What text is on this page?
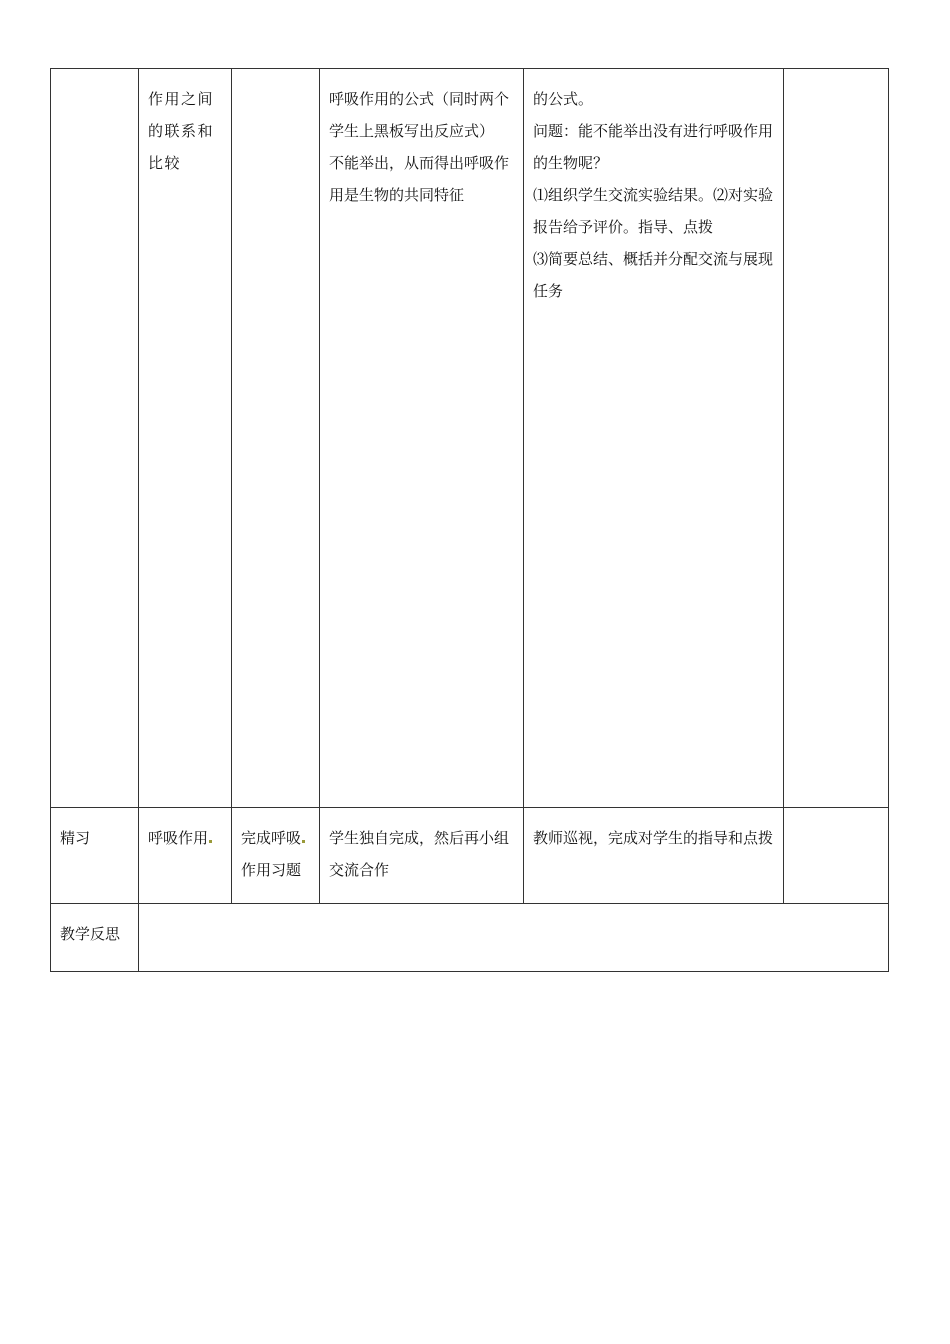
	作用之间
的联系和
比较		呼吸作用的公式（同时两个学生上黑板写出反应式）
不能举出，从而得出呼吸作用是生物的共同特征	的公式。
问题：能不能举出没有进行呼吸作用的生物呢？
⑴组织学生交流实验结果。⑵对实验报告给予评价。指导、点拨
⑶简要总结、概括并分配交流与展现任务	

精习	呼吸作用	完成呼吸
作用习题	学生独自完成，然后再小组交流合作	教师巡视，完成对学生的指导和点拨	

教学反思					
